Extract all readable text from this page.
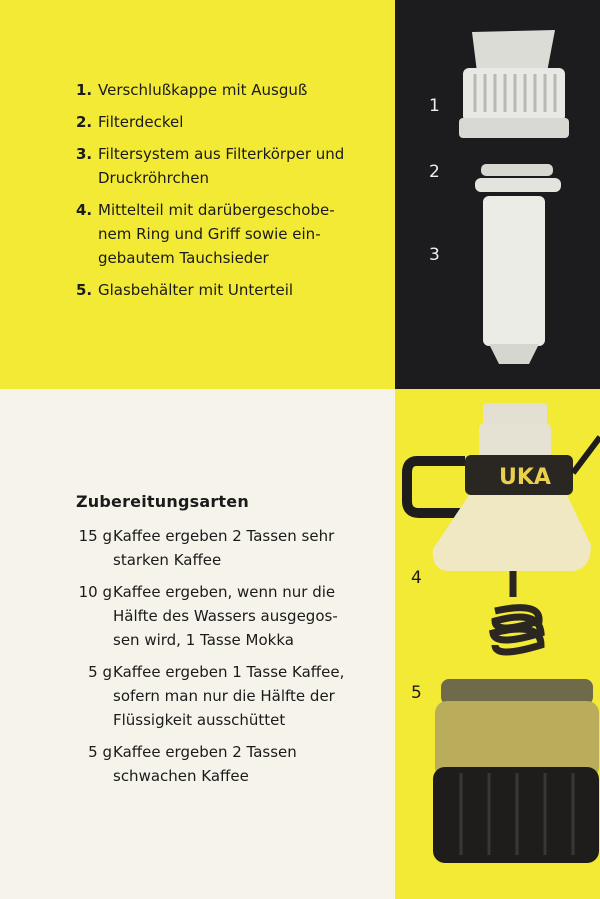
1. Verschlußkappe mit Ausguß
2. Filterdeckel
3. Filtersystem aus Filterkörper und
Druckröhrchen
4. Mittelteil mit darübergeschobe-
nem Ring und Griff sowie ein-
gebautem Tauchsieder
5. Glasbehälter mit Unterteil
Zubereitungsarten
15 g Kaffee ergeben 2 Tassen sehr
starken Kaffee
10 g Kaffee ergeben, wenn nur die
Hälfte des Wassers ausgegos-
sen wird, 1 Tasse Mokka
5 g Kaffee ergeben 1 Tasse Kaffee,
sofern man nur die Hälfte der
Flüssigkeit ausschüttet
5 g Kaffee ergeben 2 Tassen
schwachen Kaffee
UKA
1
2
3
4
5
